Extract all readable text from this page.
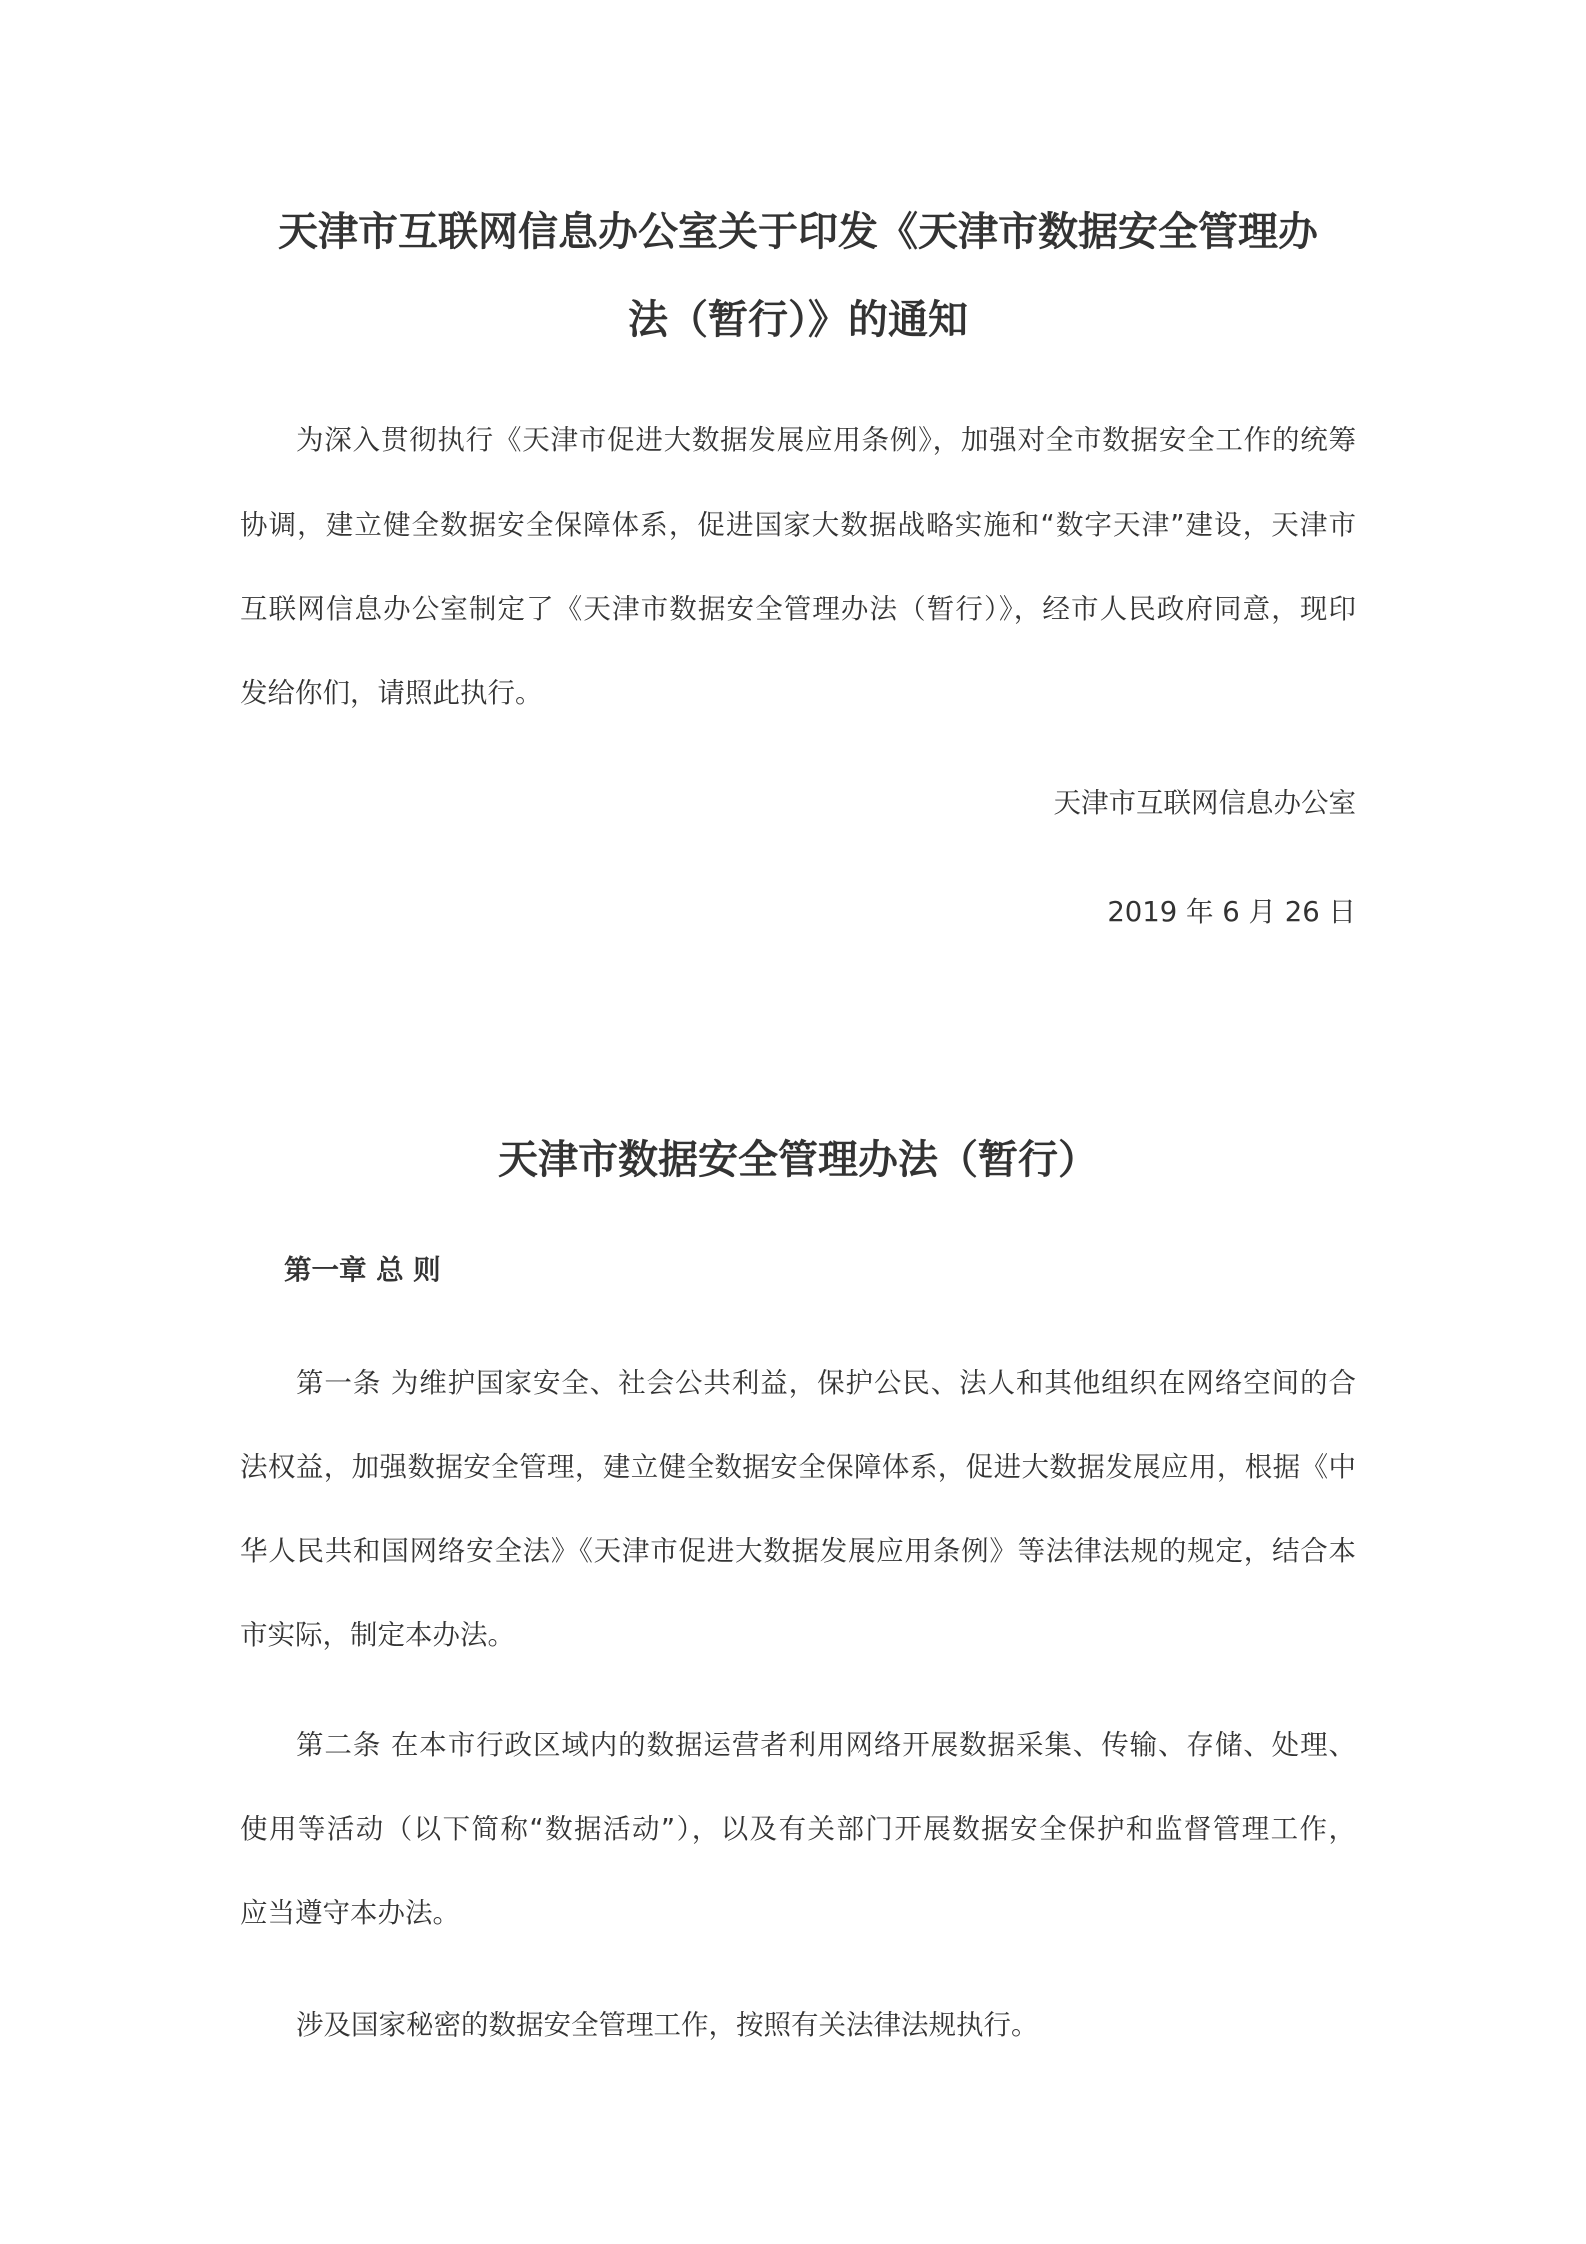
天津市互联网信息办公室关于印发《天津市数据安全管理办
法（暂行）》的通知
为深入贯彻执行《天津市促进大数据发展应用条例》，加强对全市数据安全工作的统筹
协调，建立健全数据安全保障体系，促进国家大数据战略实施和“数字天津”建设，天津市
互联网信息办公室制定了《天津市数据安全管理办法（暂行）》，经市人民政府同意，现印
发给你们，请照此执行。
天津市互联网信息办公室
2019 年 6 月 26 日
天津市数据安全管理办法（暂行）
第一章 总 则
第一条 为维护国家安全、社会公共利益，保护公民、法人和其他组织在网络空间的合
法权益，加强数据安全管理，建立健全数据安全保障体系，促进大数据发展应用，根据《中
华人民共和国网络安全法》《天津市促进大数据发展应用条例》等法律法规的规定，结合本
市实际，制定本办法。
第二条 在本市行政区域内的数据运营者利用网络开展数据采集、传输、存储、处理、
使用等活动（以下简称“数据活动”），以及有关部门开展数据安全保护和监督管理工作，
应当遵守本办法。
涉及国家秘密的数据安全管理工作，按照有关法律法规执行。
